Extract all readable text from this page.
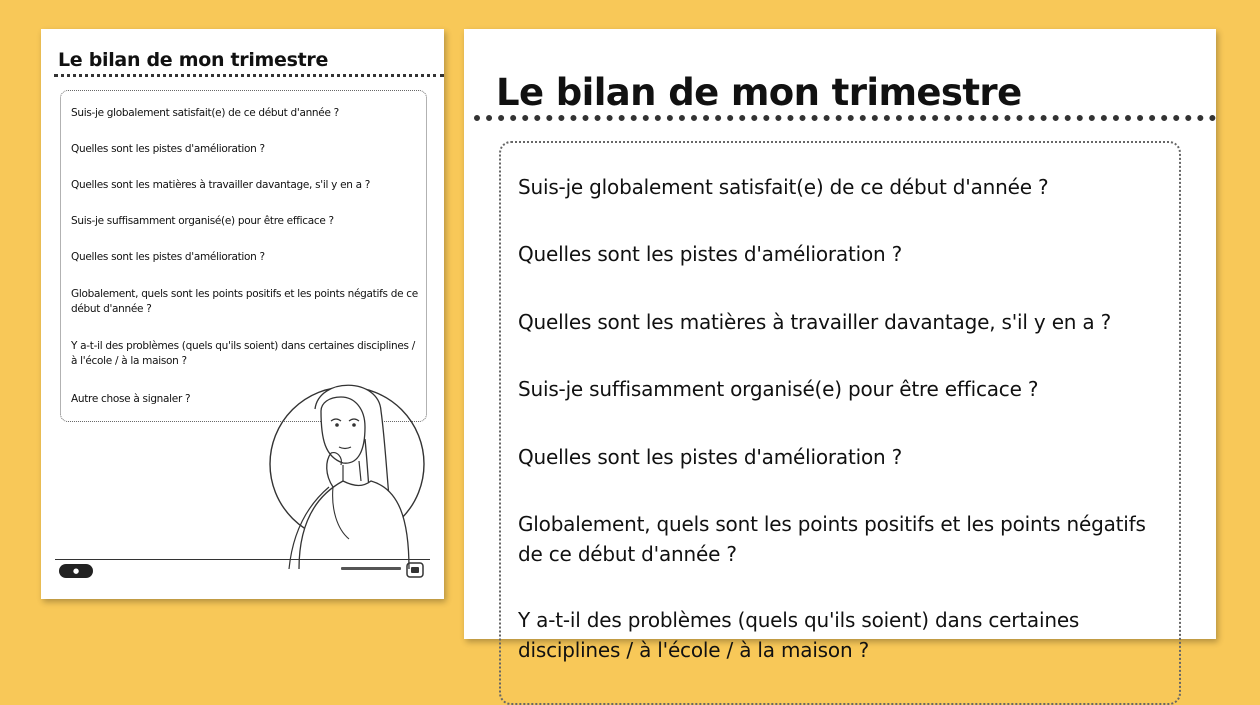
Le bilan de mon trimestre
Suis-je globalement satisfait(e) de ce début d'année ?
Quelles sont les pistes d'amélioration ?
Quelles sont les matières à travailler davantage, s'il y en a ?
Suis-je suffisamment organisé(e) pour être efficace ?
Quelles sont les pistes d'amélioration ?
Globalement, quels sont les points positifs et les points négatifs de ce début d'année ?
Y a-t-il des problèmes (quels qu'ils soient) dans certaines disciplines / à l'école / à la maison ?
Autre chose à signaler ?
●
Le bilan de mon trimestre
Suis-je globalement satisfait(e) de ce début d'année ?
Quelles sont les pistes d'amélioration ?
Quelles sont les matières à travailler davantage, s'il y en a ?
Suis-je suffisamment organisé(e) pour être efficace ?
Quelles sont les pistes d'amélioration ?
Globalement, quels sont les points positifs et les points négatifs de ce début d'année ?
Y a-t-il des problèmes (quels qu'ils soient) dans certaines disciplines / à l'école / à la maison ?
